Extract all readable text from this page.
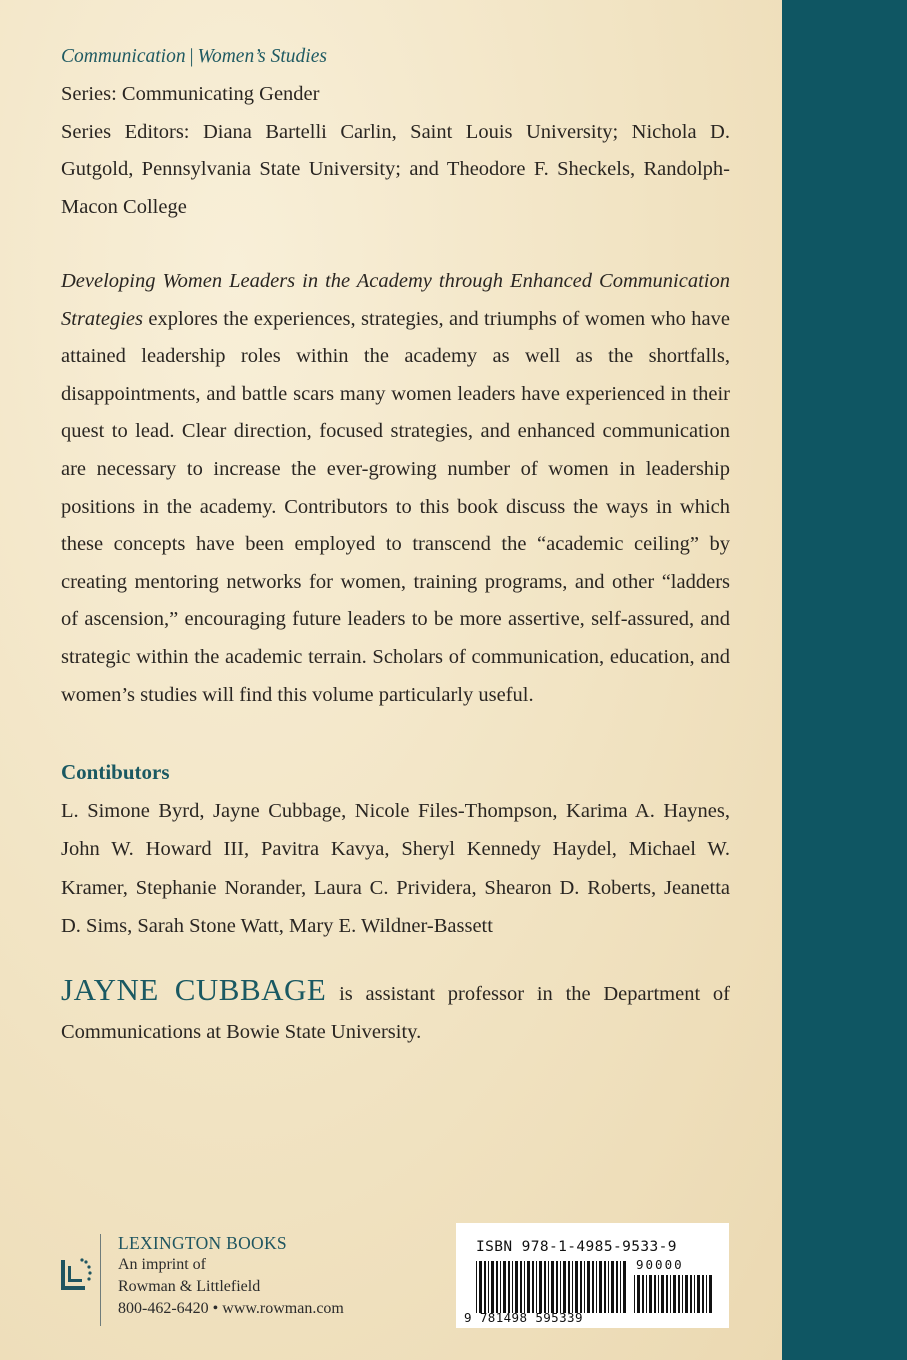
Communication | Women’s Studies

Series: Communicating Gender

Series Editors: Diana Bartelli Carlin, Saint Louis University; Nichola D. Gutgold, Pennsylvania State University; and Theodore F. Sheckels, Randolph-Macon College

Developing Women Leaders in the Academy through Enhanced Communication Strategies explores the experiences, strategies, and triumphs of women who have attained leadership roles within the academy as well as the shortfalls, disappointments, and battle scars many women leaders have experienced in their quest to lead. Clear direction, focused strategies, and enhanced communication are necessary to increase the ever-growing number of women in leadership positions in the academy. Contributors to this book discuss the ways in which these concepts have been employed to transcend the “academic ceiling” by creating mentoring networks for women, training programs, and other “ladders of ascension,” encouraging future leaders to be more assertive, self-assured, and strategic within the academic terrain. Scholars of communication, education, and women’s studies will find this volume particularly useful.

Contibutors

L. Simone Byrd, Jayne Cubbage, Nicole Files-Thompson, Karima A. Haynes, John W. Howard III, Pavitra Kavya, Sheryl Kennedy Haydel, Michael W. Kramer, Stephanie Norander, Laura C. Prividera, Shearon D. Roberts, Jeanetta D. Sims, Sarah Stone Watt, Mary E. Wildner-Bassett

JAYNE CUBBAGE is assistant professor in the Department of Communications at Bowie State University.

LEXINGTON BOOKS
An imprint of
Rowman & Littlefield
800-462-6420 • www.rowman.com
ISBN 978-1-4985-9533-9
90000
9 781498 595339
